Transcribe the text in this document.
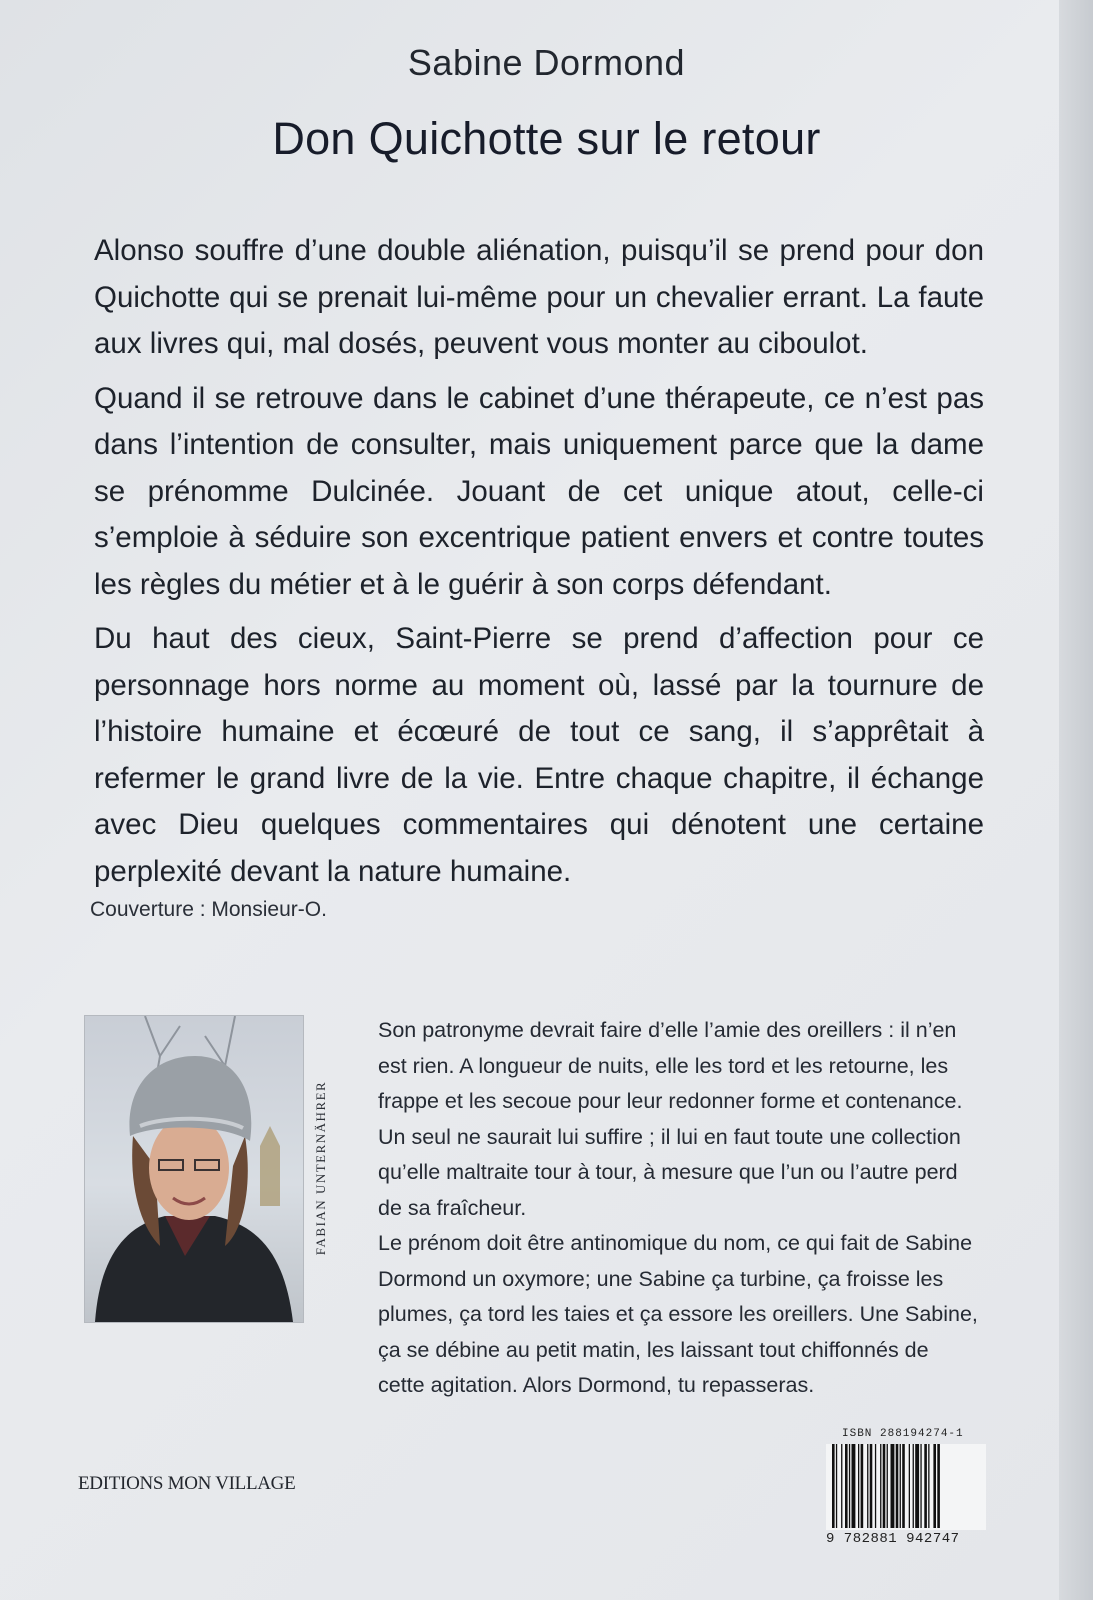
Sabine Dormond
Don Quichotte sur le retour

Alonso souffre d’une double aliénation, puisqu’il se prend pour don Quichotte qui se prenait lui-même pour un chevalier errant. La faute aux livres qui, mal dosés, peuvent vous monter au ciboulot.

Quand il se retrouve dans le cabinet d’une thérapeute, ce n’est pas dans l’intention de consulter, mais uniquement parce que la dame se prénomme Dulcinée. Jouant de cet unique atout, celle-ci s’emploie à séduire son excentrique patient envers et contre toutes les règles du métier et à le guérir à son corps défendant.

Du haut des cieux, Saint-Pierre se prend d’affection pour ce personnage hors norme au moment où, lassé par la tournure de l’histoire humaine et écœuré de tout ce sang, il s’apprêtait à refermer le grand livre de la vie. Entre chaque chapitre, il échange avec Dieu quelques commentaires qui dénotent une certaine perplexité devant la nature humaine.

Couverture : Monsieur-O.
FABIAN UNTERNÄHRER

Son patronyme devrait faire d’elle l’amie des oreillers : il n’en est rien. A longueur de nuits, elle les tord et les retourne, les frappe et les secoue pour leur redonner forme et contenance. Un seul ne saurait lui suffire ; il lui en faut toute une collection qu’elle maltraite tour à tour, à mesure que l’un ou l’autre perd de sa fraîcheur.

Le prénom doit être antinomique du nom, ce qui fait de Sabine Dormond un oxymore; une Sabine ça turbine, ça froisse les plumes, ça tord les taies et ça essore les oreillers. Une Sabine, ça se débine au petit matin, les laissant tout chiffonnés de cette agitation. Alors Dormond, tu repasseras.

EDITIONS MON VILLAGE
ISBN 288194274-1
9 782881 942747
